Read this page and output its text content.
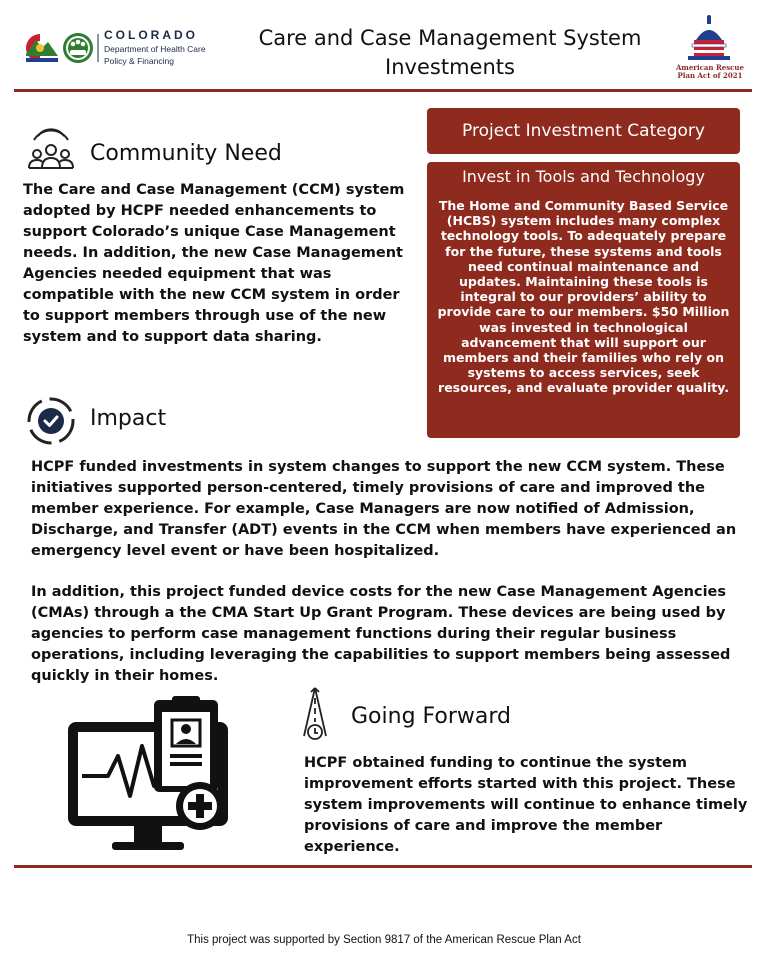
COLORADO
Department of Health Care
Policy & Financing
Care and Case Management System
Investments	American Rescue
Plan Act of 2021
Community Need
The Care and Case Management (CCM) system adopted by HCPF needed enhancements to support Colorado’s unique Case Management needs. In addition, the new Case Management Agencies needed equipment that was compatible with the new CCM system in order to support members through use of the new system and to support data sharing.
Project Investment Category
Invest in Tools and Technology
The Home and Community Based Service (HCBS) system includes many complex technology tools. To adequately prepare for the future, these systems and tools need continual maintenance and updates. Maintaining these tools is integral to our providers’ ability to provide care to our members. $50 Million was invested in technological advancement that will support our members and their families who rely on systems to access services, seek resources, and evaluate provider quality.
Impact
HCPF funded investments in system changes to support the new CCM system. These initiatives supported person-centered, timely provisions of care and improved the member experience. For example, Case Managers are now notified of Admission, Discharge, and Transfer (ADT) events in the CCM when members have experienced an emergency level event or have been hospitalized.
In addition, this project funded device costs for the new Case Management Agencies (CMAs) through a the CMA Start Up Grant Program. These devices are being used by agencies to perform case management functions during their regular business operations, including leveraging the capabilities to support members being assessed quickly in their homes.
Going Forward
HCPF obtained funding to continue the system improvement efforts started with this project. These system improvements will continue to enhance timely provisions of care and improve the member experience.
This project was supported by Section 9817 of the American Rescue Plan Act
